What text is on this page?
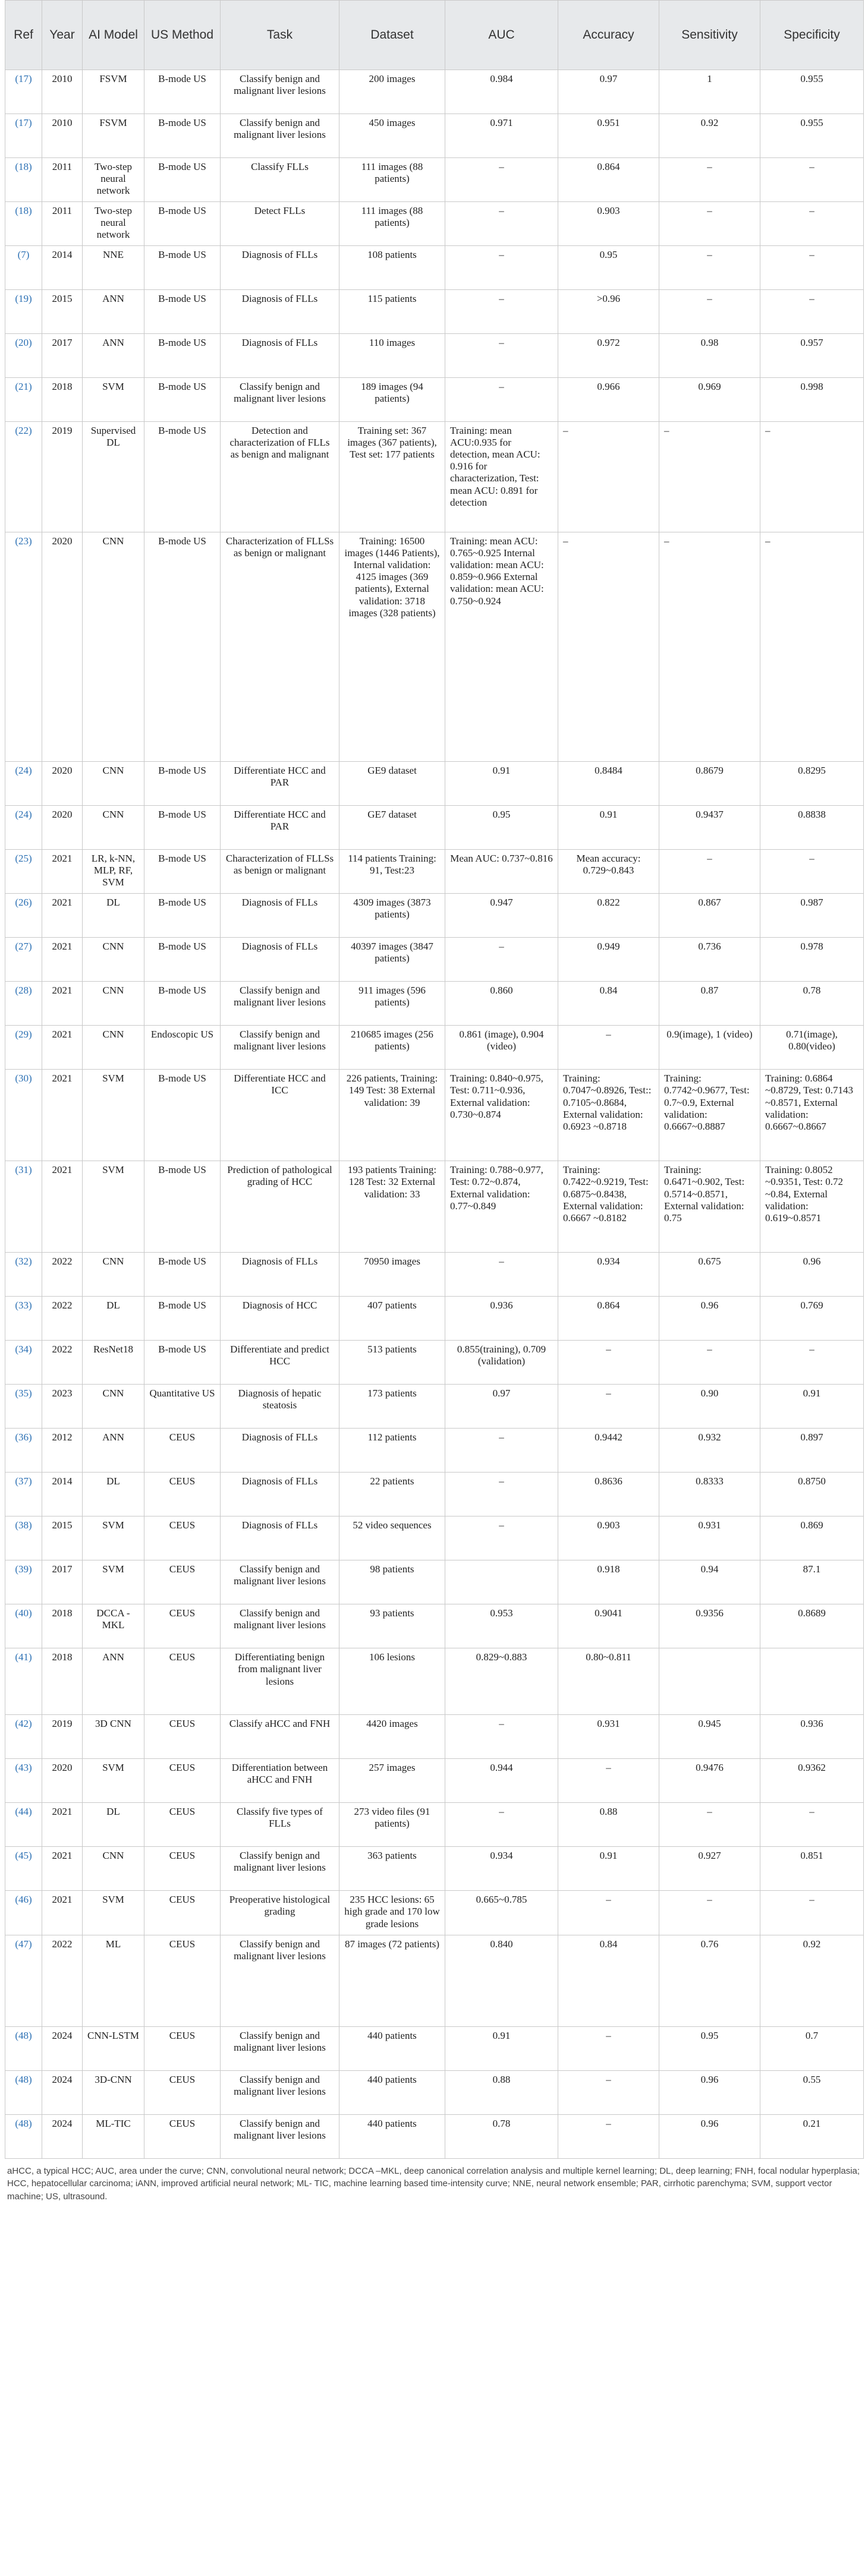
Ref	Year	AI Model	US Method	Task	Dataset	AUC	Accuracy	Sensitivity	Specificity
(17)	2010	FSVM	B-mode US	Classify benign and malignant liver lesions	200 images	0.984	0.97	1	0.955
(17)	2010	FSVM	B-mode US	Classify benign and malignant liver lesions	450 images	0.971	0.951	0.92	0.955
(18)	2011	Two-step neural network	B-mode US	Classify FLLs	111 images (88 patients)	–	0.864	–	–
(18)	2011	Two-step neural network	B-mode US	Detect FLLs	111 images (88 patients)	–	0.903	–	–
(7)	2014	NNE	B-mode US	Diagnosis of FLLs	108 patients	–	0.95	–	–
(19)	2015	ANN	B-mode US	Diagnosis of FLLs	115 patients	–	>0.96	–	–
(20)	2017	ANN	B-mode US	Diagnosis of FLLs	110 images	–	0.972	0.98	0.957
(21)	2018	SVM	B-mode US	Classify benign and malignant liver lesions	189 images (94 patients)	–	0.966	0.969	0.998
(22)	2019	Supervised DL	B-mode US	Detection and characterization of FLLs as benign and malignant	Training set: 367 images (367 patients), Test set: 177 patients	Training: mean ACU:0.935 for detection, mean ACU: 0.916 for characterization, Test: mean ACU: 0.891 for detection	–	–	–
(23)	2020	CNN	B-mode US	Characterization of FLLSs as benign or malignant	Training: 16500 images (1446 Patients), Internal validation: 4125 images (369 patients), External validation: 3718 images (328 patients)	Training: mean ACU: 0.765~0.925 Internal validation: mean ACU: 0.859~0.966 External validation: mean ACU: 0.750~0.924	–	–	–
(24)	2020	CNN	B-mode US	Differentiate HCC and PAR	GE9 dataset	0.91	0.8484	0.8679	0.8295
(24)	2020	CNN	B-mode US	Differentiate HCC and PAR	GE7 dataset	0.95	0.91	0.9437	0.8838
(25)	2021	LR, k-NN, MLP, RF, SVM	B-mode US	Characterization of FLLSs as benign or malignant	114 patients Training: 91, Test:23	Mean AUC: 0.737~0.816	Mean accuracy: 0.729~0.843	–	–
(26)	2021	DL	B-mode US	Diagnosis of FLLs	4309 images (3873 patients)	0.947	0.822	0.867	0.987
(27)	2021	CNN	B-mode US	Diagnosis of FLLs	40397 images (3847 patients)	–	0.949	0.736	0.978
(28)	2021	CNN	B-mode US	Classify benign and malignant liver lesions	911 images (596 patients)	0.860	0.84	0.87	0.78
(29)	2021	CNN	Endoscopic US	Classify benign and malignant liver lesions	210685 images (256 patients)	0.861 (image), 0.904 (video)	–	0.9(image), 1 (video)	0.71(image), 0.80(video)
(30)	2021	SVM	B-mode US	Differentiate HCC and ICC	226 patients, Training: 149 Test: 38 External validation: 39	Training: 0.840~0.975, Test: 0.711~0.936, External validation: 0.730~0.874	Training: 0.7047~0.8926, Test:: 0.7105~0.8684, External validation: 0.6923 ~0.8718	Training: 0.7742~0.9677, Test: 0.7~0.9, External validation: 0.6667~0.8887	Training: 0.6864 ~0.8729, Test: 0.7143 ~0.8571, External validation: 0.6667~0.8667
(31)	2021	SVM	B-mode US	Prediction of pathological grading of HCC	193 patients Training: 128 Test: 32 External validation: 33	Training: 0.788~0.977, Test: 0.72~0.874, External validation: 0.77~0.849	Training: 0.7422~0.9219, Test: 0.6875~0.8438, External validation: 0.6667 ~0.8182	Training: 0.6471~0.902, Test: 0.5714~0.8571, External validation: 0.75	Training: 0.8052 ~0.9351, Test: 0.72 ~0.84, External validation: 0.619~0.8571
(32)	2022	CNN	B-mode US	Diagnosis of FLLs	70950 images	–	0.934	0.675	0.96
(33)	2022	DL	B-mode US	Diagnosis of HCC	407 patients	0.936	0.864	0.96	0.769
(34)	2022	ResNet18	B-mode US	Differentiate and predict HCC	513 patients	0.855(training), 0.709 (validation)	–	–	–
(35)	2023	CNN	Quantitative US	Diagnosis of hepatic steatosis	173 patients	0.97	–	0.90	0.91
(36)	2012	ANN	CEUS	Diagnosis of FLLs	112 patients	–	0.9442	0.932	0.897
(37)	2014	DL	CEUS	Diagnosis of FLLs	22 patients	–	0.8636	0.8333	0.8750
(38)	2015	SVM	CEUS	Diagnosis of FLLs	52 video sequences	–	0.903	0.931	0.869
(39)	2017	SVM	CEUS	Classify benign and malignant liver lesions	98 patients		0.918	0.94	87.1
(40)	2018	DCCA -MKL	CEUS	Classify benign and malignant liver lesions	93 patients	0.953	0.9041	0.9356	0.8689
(41)	2018	ANN	CEUS	Differentiating benign from malignant liver lesions	106 lesions	0.829~0.883	0.80~0.811		
(42)	2019	3D CNN	CEUS	Classify aHCC and FNH	4420 images	–	0.931	0.945	0.936
(43)	2020	SVM	CEUS	Differentiation between aHCC and FNH	257 images	0.944	–	0.9476	0.9362
(44)	2021	DL	CEUS	Classify five types of FLLs	273 video files (91 patients)	–	0.88	–	–
(45)	2021	CNN	CEUS	Classify benign and malignant liver lesions	363 patients	0.934	0.91	0.927	0.851
(46)	2021	SVM	CEUS	Preoperative histological grading	235 HCC lesions: 65 high grade and 170 low grade lesions	0.665~0.785	–	–	–
(47)	2022	ML	CEUS	Classify benign and malignant liver lesions	87 images (72 patients)	0.840	0.84	0.76	0.92
(48)	2024	CNN-LSTM	CEUS	Classify benign and malignant liver lesions	440 patients	0.91	–	0.95	0.7
(48)	2024	3D-CNN	CEUS	Classify benign and malignant liver lesions	440 patients	0.88	–	0.96	0.55
(48)	2024	ML-TIC	CEUS	Classify benign and malignant liver lesions	440 patients	0.78	–	0.96	0.21
aHCC, a typical HCC; AUC, area under the curve; CNN, convolutional neural network; DCCA –MKL, deep canonical correlation analysis and multiple kernel learning; DL, deep learning; FNH, focal nodular hyperplasia; HCC, hepatocellular carcinoma; iANN, improved artificial neural network; ML- TIC, machine learning based time-intensity curve; NNE, neural network ensemble; PAR, cirrhotic parenchyma; SVM, support vector machine; US, ultrasound.
